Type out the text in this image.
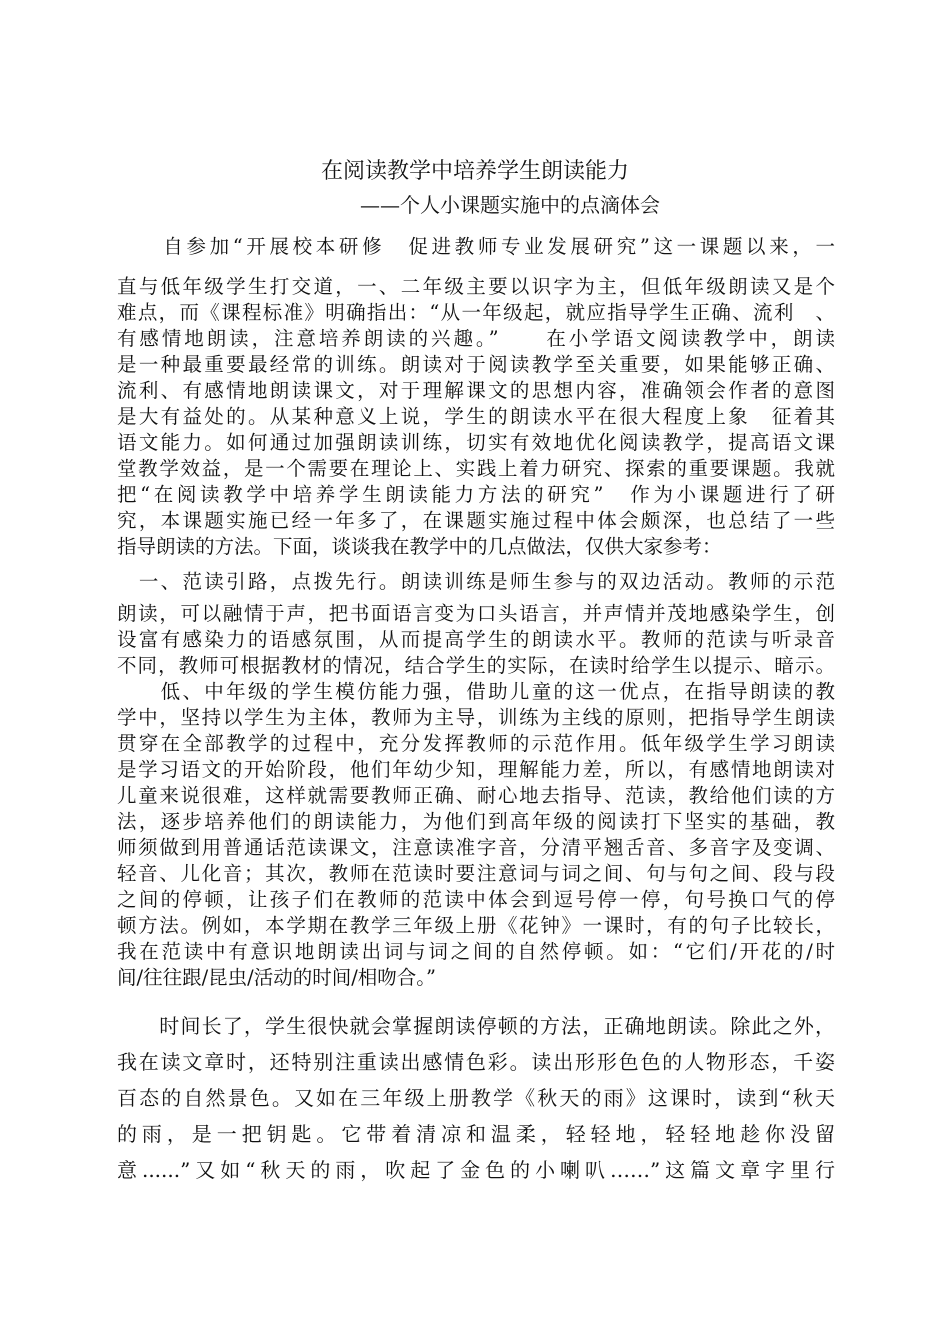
在阅读教学中培养学生朗读能力
——个人小课题实施中的点滴体会
　　自参加“开展校本研修　促进教师专业发展研究”这一课题以来，一
直与低年级学生打交道，一、二年级主要以识字为主，但低年级朗读又是个
难点，而《课程标准》明确指出：“从一年级起，就应指导学生正确、流利　、
有感情地朗读，注意培养朗读的兴趣。”　　在小学语文阅读教学中，朗读
是一种最重要最经常的训练。朗读对于阅读教学至关重要，如果能够正确、
流利、有感情地朗读课文，对于理解课文的思想内容，准确领会作者的意图
是大有益处的。从某种意义上说，学生的朗读水平在很大程度上象　征着其
语文能力。如何通过加强朗读训练，切实有效地优化阅读教学，提高语文课
堂教学效益，是一个需要在理论上、实践上着力研究、探索的重要课题。我就
把“在阅读教学中培养学生朗读能力方法的研究”　作为小课题进行了研
究，本课题实施已经一年多了，在课题实施过程中体会颇深，也总结了一些
指导朗读的方法。下面，谈谈我在教学中的几点做法，仅供大家参考：
　一、范读引路，点拨先行。朗读训练是师生参与的双边活动。教师的示范
朗读，可以融情于声，把书面语言变为口头语言，并声情并茂地感染学生，创
设富有感染力的语感氛围，从而提高学生的朗读水平。教师的范读与听录音
不同，教师可根据教材的情况，结合学生的实际，在读时给学生以提示、暗示。
　　低、中年级的学生模仿能力强，借助儿童的这一优点，在指导朗读的教
学中，坚持以学生为主体，教师为主导，训练为主线的原则，把指导学生朗读
贯穿在全部教学的过程中，充分发挥教师的示范作用。低年级学生学习朗读
是学习语文的开始阶段，他们年幼少知，理解能力差，所以，有感情地朗读对
儿童来说很难，这样就需要教师正确、耐心地去指导、范读，教给他们读的方
法，逐步培养他们的朗读能力，为他们到高年级的阅读打下坚实的基础，教
师须做到用普通话范读课文，注意读准字音，分清平翘舌音、多音字及变调、
轻音、儿化音；其次，教师在范读时要注意词与词之间、句与句之间、段与段
之间的停顿，让孩子们在教师的范读中体会到逗号停一停，句号换口气的停
顿方法。例如，本学期在教学三年级上册《花钟》一课时，有的句子比较长，
我在范读中有意识地朗读出词与词之间的自然停顿。如：“它们/开花的/时
间/往往跟/昆虫/活动的时间/相吻合。”
　　时间长了，学生很快就会掌握朗读停顿的方法，正确地朗读。除此之外，
我在读文章时，还特别注重读出感情色彩。读出形形色色的人物形态，千姿
百态的自然景色。又如在三年级上册教学《秋天的雨》这课时，读到“秋天
的雨，是一把钥匙。它带着清凉和温柔，轻轻地，轻轻地趁你没留
意......”又如“秋天的雨，吹起了金色的小喇叭……”这篇文章字里行
